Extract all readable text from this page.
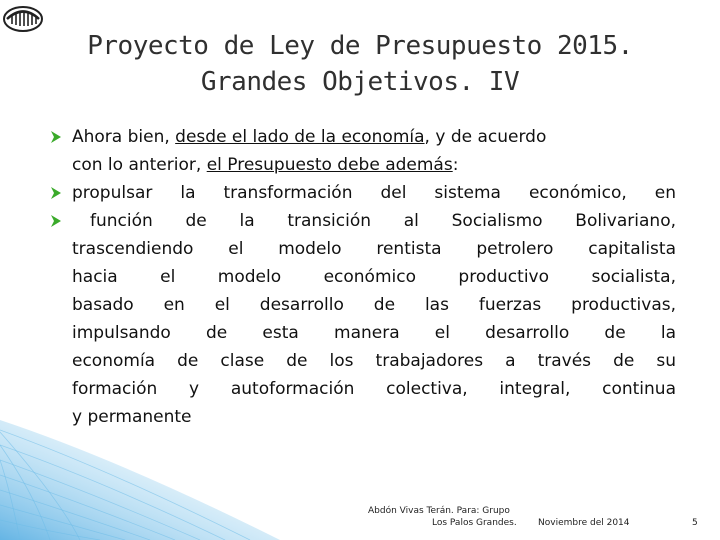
Proyecto de Ley de Presupuesto 2015.
Grandes Objetivos. IV
Ahora bien, desde el lado de la economía, y de acuerdo
con lo anterior, el Presupuesto debe además:
propulsar la transformación del sistema económico, en
función de la transición al Socialismo Bolivariano,
trascendiendo el modelo rentista petrolero capitalista
hacia el modelo económico productivo socialista,
basado en el desarrollo de las fuerzas productivas,
impulsando de esta manera el desarrollo de la
economía de clase de los trabajadores a través de su
formación y autoformación colectiva, integral, continua
y permanente
Abdón Vivas Terán. Para: Grupo
Los Palos Grandes. Noviembre del 2014	5
